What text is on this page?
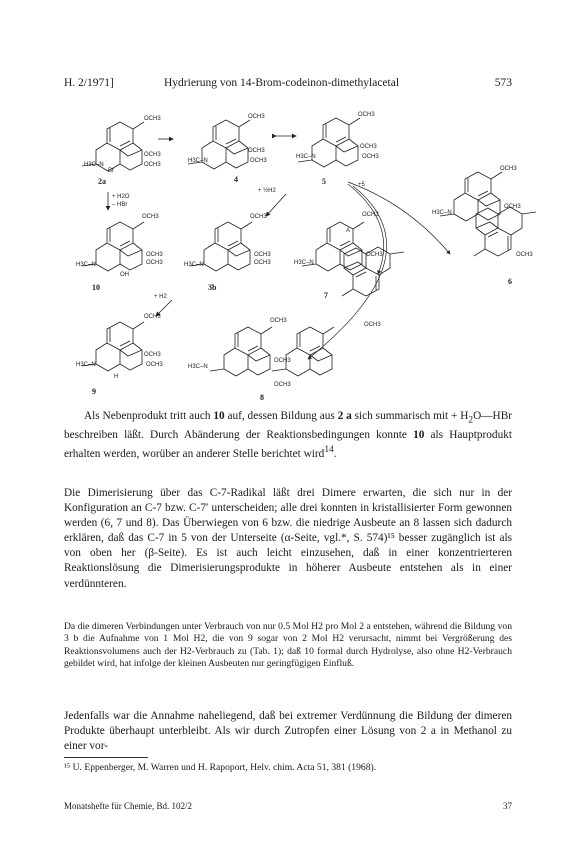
H. 2/1971]	Hydrierung von 14-Brom-codeinon-dimethylacetal	573
H3C–N
OCH3
OCH3
OCH3
Br
2a
H3C–N
OCH3
OCH3
OCH3
4
H3C–N
OCH3
OCH3
OCH3
5
+ H2O
– HBr
+ ½H2
+5
H3C–N
OCH3
OCH3
OCH3
OH
10
H3C–N
OCH3
OCH3
OCH3
3b
+ H2
H3C–N
OCH3
A
OCH3
OCH3
7
H3C–N
OCH3
OCH3
OCH3
6
H3C–N
OCH3
OCH3
OCH3
H
9
H3C–N
OCH3
OCH3
OCH3
8

Als Nebenprodukt tritt auch 10 auf, dessen Bildung aus 2 a sich summarisch mit + $H_2O—HBr$ beschreiben läßt. Durch Abänderung der Reaktionsbedingungen konnte 10 als Hauptprodukt erhalten werden, worüber an anderer Stelle berichtet wird$^{14}$.

Die Dimerisierung über das C-7-Radikal läßt drei Dimere erwarten, die sich nur in der Konfiguration an C-7 bzw. C-7′ unterscheiden; alle drei konnten in kristallisierter Form gewonnen werden (6, 7 und 8). Das Überwiegen von 6 bzw. die niedrige Ausbeute an 8 lassen sich dadurch erklären, daß das C-7 in 5 von der Unterseite (α-Seite, vgl.*, S. 574)¹⁵ besser zugänglich ist als von oben her (β-Seite). Es ist auch leicht einzusehen, daß in einer konzentrierteren Reaktionslösung die Dimerisierungsprodukte in höherer Ausbeute entstehen als in einer verdünnteren.
Da die dimeren Verbindungen unter Verbrauch von nur 0.5 Mol H2 pro Mol 2 a entstehen, während die Bildung von 3 b die Aufnahme von 1 Mol H2, die von 9 sogar von 2 Mol H2 verursacht, nimmt bei Vergrößerung des Reaktionsvolumens auch der H2-Verbrauch zu (Tab. 1); daß 10 formal durch Hydrolyse, also ohne H2-Verbrauch gebildet wird, hat infolge der kleinen Ausbeuten nur geringfügigen Einfluß.
Jedenfalls war die Annahme naheliegend, daß bei extremer Verdünnung die Bildung der dimeren Produkte überhaupt unterbleibt. Als wir durch Zutropfen einer Lösung von 2 a in Methanol zu einer vor-
¹⁵ U. Eppenberger, M. Warren und H. Rapoport, Helv. chim. Acta 51, 381 (1968).
Monatshefte für Chemie, Bd. 102/2	37
